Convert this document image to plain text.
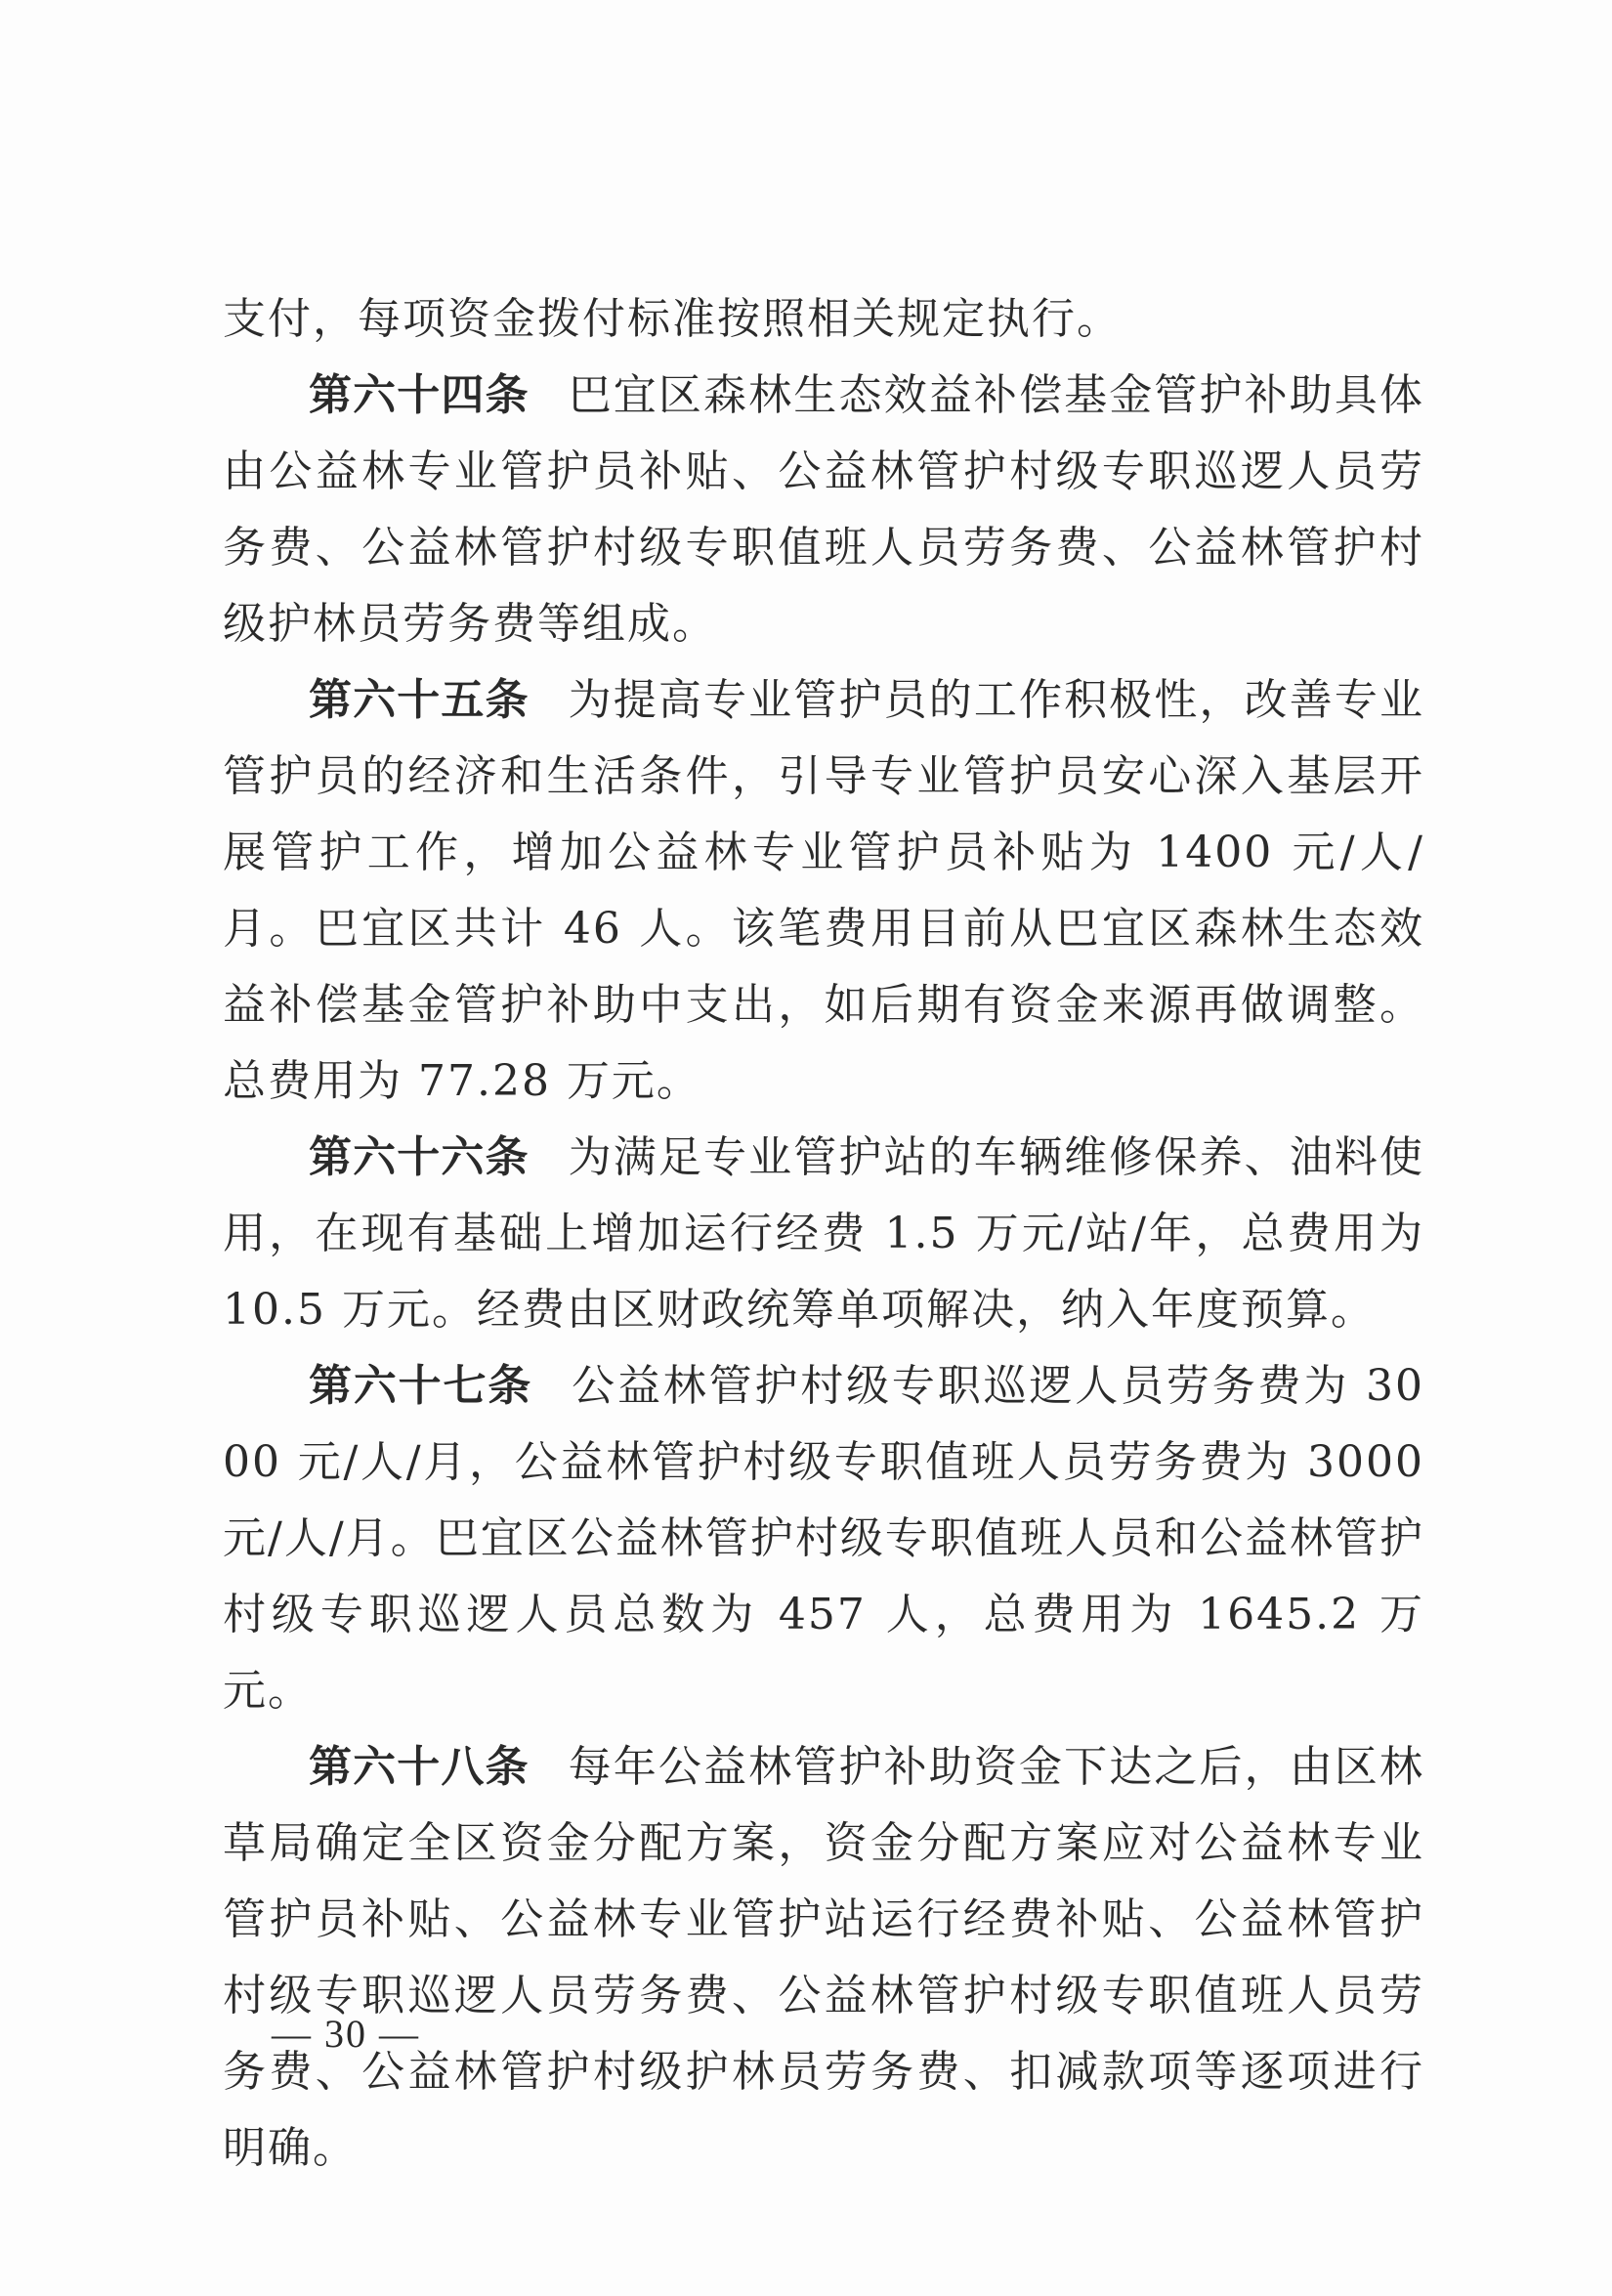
支付，每项资金拨付标准按照相关规定执行。

第六十四条 巴宜区森林生态效益补偿基金管护补助具体由公益林专业管护员补贴、公益林管护村级专职巡逻人员劳务费、公益林管护村级专职值班人员劳务费、公益林管护村级护林员劳务费等组成。

第六十五条 为提高专业管护员的工作积极性，改善专业管护员的经济和生活条件，引导专业管护员安心深入基层开展管护工作，增加公益林专业管护员补贴为 1400 元/人/月。巴宜区共计 46 人。该笔费用目前从巴宜区森林生态效益补偿基金管护补助中支出，如后期有资金来源再做调整。总费用为 77.28 万元。

第六十六条 为满足专业管护站的车辆维修保养、油料使用，在现有基础上增加运行经费 1.5 万元/站/年，总费用为 10.5 万元。经费由区财政统筹单项解决，纳入年度预算。

第六十七条 公益林管护村级专职巡逻人员劳务费为 3000 元/人/月，公益林管护村级专职值班人员劳务费为 3000 元/人/月。巴宜区公益林管护村级专职值班人员和公益林管护村级专职巡逻人员总数为 457 人，总费用为 1645.2 万元。

第六十八条 每年公益林管护补助资金下达之后，由区林草局确定全区资金分配方案，资金分配方案应对公益林专业管护员补贴、公益林专业管护站运行经费补贴、公益林管护村级专职巡逻人员劳务费、公益林管护村级专职值班人员劳务费、公益林管护村级护林员劳务费、扣减款项等逐项进行明确。

— 30 —
